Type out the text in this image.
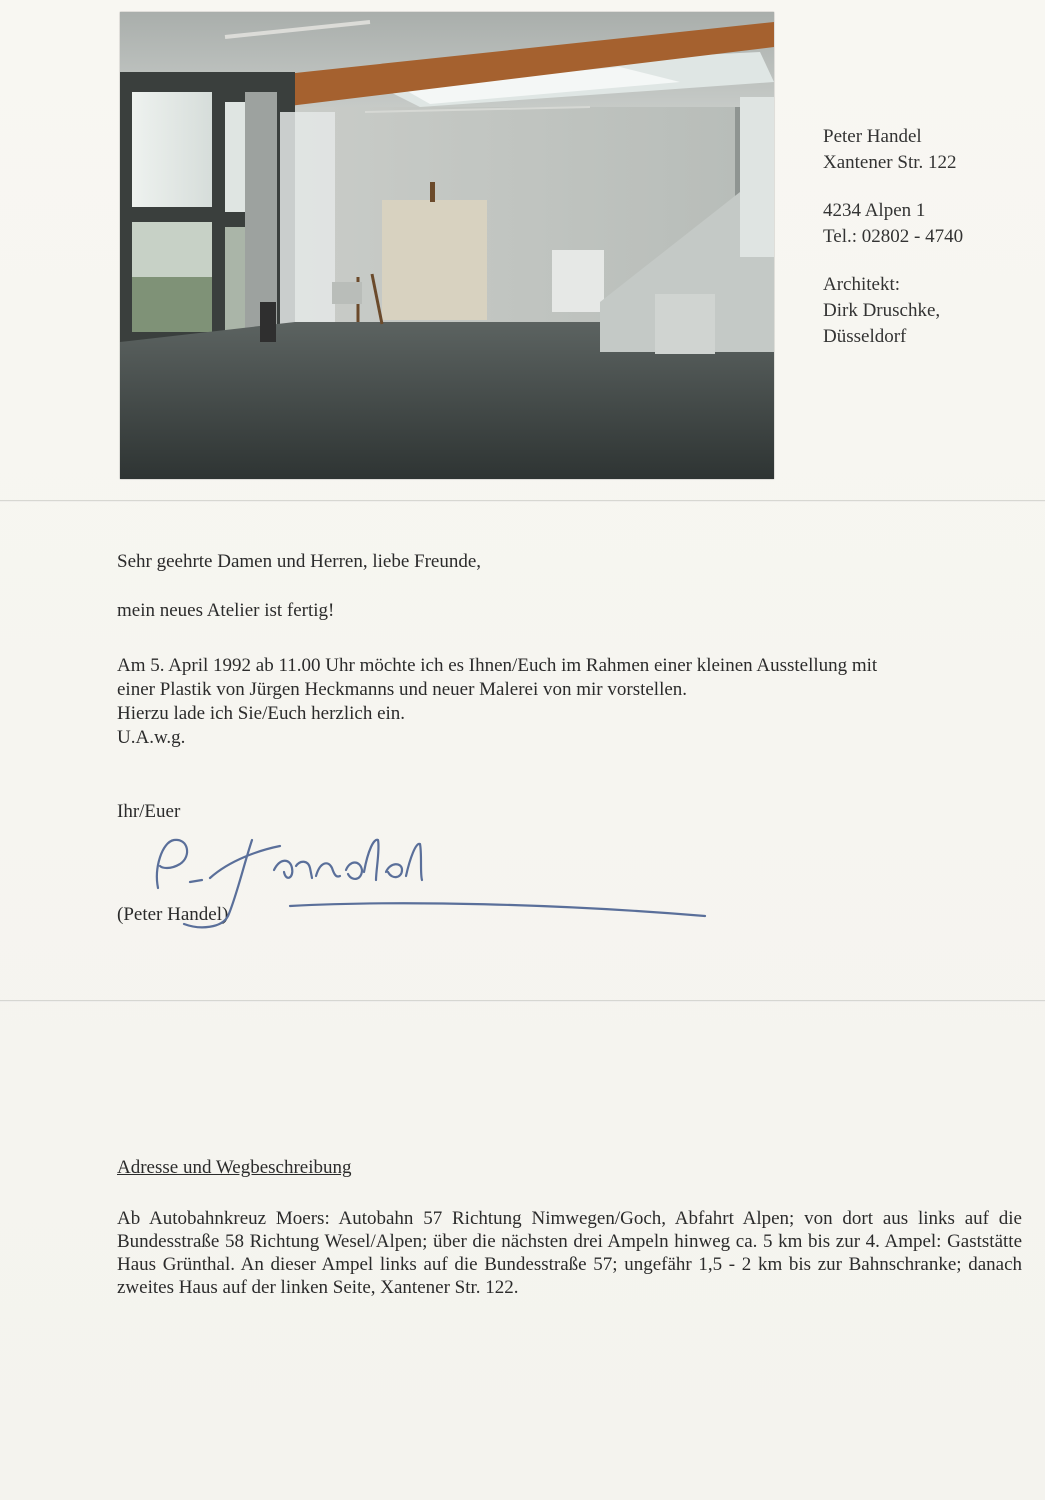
Peter Handel
Xantener Str. 122
4234 Alpen 1
Tel.: 02802 - 4740
Architekt:
Dirk Druschke,
Düsseldorf
Sehr geehrte Damen und Herren, liebe Freunde,
mein neues Atelier ist fertig!
Am 5. April 1992 ab 11.00 Uhr möchte ich es Ihnen/Euch im Rahmen einer kleinen Ausstellung mit
einer Plastik von Jürgen Heckmanns und neuer Malerei von mir vorstellen.
Hierzu lade ich Sie/Euch herzlich ein.
U.A.w.g.
Ihr/Euer
(Peter Handel)
Adresse und Wegbeschreibung
Ab Autobahnkreuz Moers: Autobahn 57 Richtung Nimwegen/Goch, Abfahrt Alpen; von dort aus links auf die Bundesstraße 58 Richtung Wesel/Alpen; über die nächsten drei Ampeln hinweg ca. 5 km bis zur 4. Ampel: Gaststätte Haus Grünthal. An dieser Ampel links auf die Bundesstraße 57; ungefähr 1,5 - 2 km bis zur Bahnschranke; danach zweites Haus auf der linken Seite, Xantener Str. 122.
